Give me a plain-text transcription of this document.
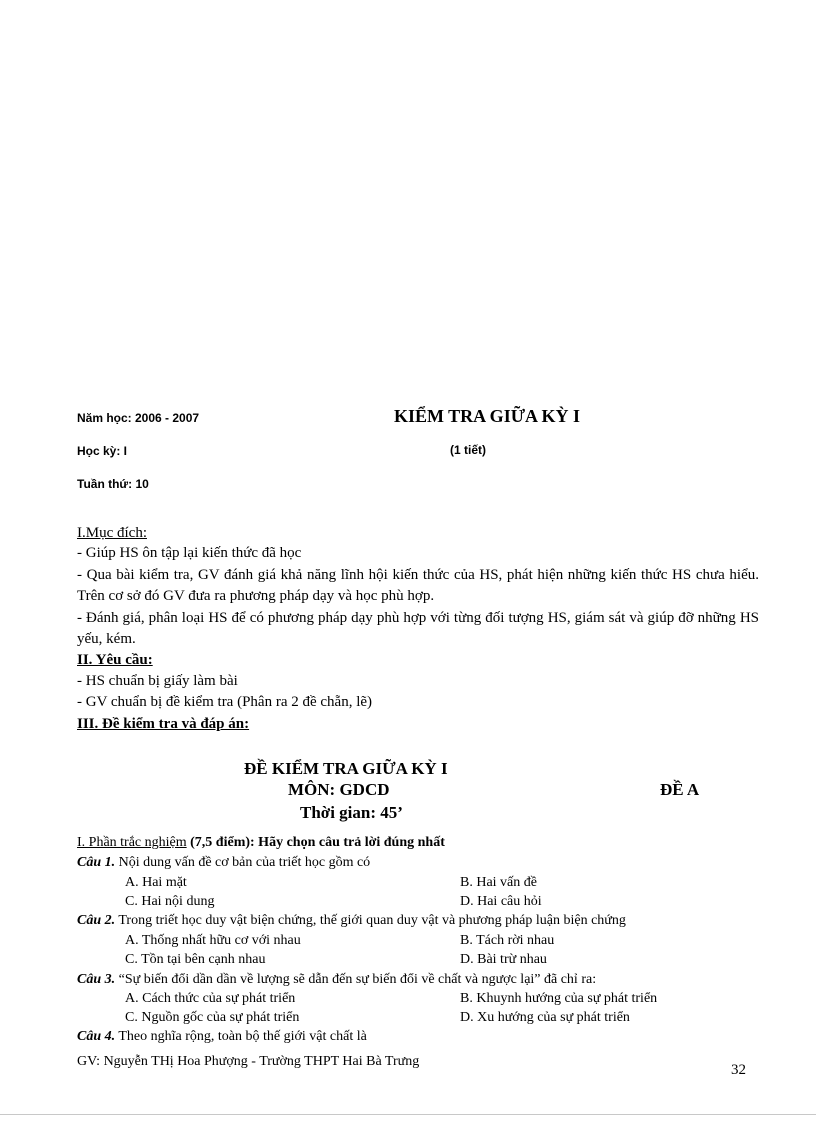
Năm học: 2006 - 2007
Học kỳ: I
Tuần thứ: 10
KIỂM TRA GIỮA KỲ I
(1 tiết)
I.Mục đích:
- Giúp HS ôn tập lại kiến thức đã học
- Qua bài kiểm tra, GV đánh giá khả năng lĩnh hội kiến thức của HS, phát hiện những kiến thức HS chưa hiểu. Trên cơ sở đó GV đưa ra phương pháp dạy và học phù hợp.
- Đánh giá, phân loại HS để có phương pháp dạy phù hợp với từng đối tượng HS, giám sát và giúp đỡ những HS yếu, kém.
II. Yêu cầu:
- HS chuẩn bị giấy làm bài
- GV chuẩn bị đề kiểm tra (Phân ra 2 đề chẵn, lẽ)
III. Đề kiểm tra và đáp án:
ĐỀ KIỂM TRA GIỮA KỲ I
MÔN: GDCD	ĐỀ A
Thời gian: 45’
I. Phần trắc nghiệm (7,5 điểm): Hãy chọn câu trả lời đúng nhất
Câu 1. Nội dung vấn đề cơ bản của triết học gồm có
A. Hai mặt	B. Hai vấn đề
C. Hai nội dung	D. Hai câu hỏi
Câu 2. Trong triết học duy vật biện chứng, thế giới quan duy vật và phương pháp luận biện chứng
A. Thống nhất hữu cơ với nhau	B. Tách rời nhau
C. Tồn tại bên cạnh nhau	D. Bài trừ nhau
Câu 3. “Sự biến đổi dần dần về lượng sẽ dẫn đến sự biến đổi về chất và ngược lại” đã chỉ ra:
A. Cách thức của sự phát triển	B. Khuynh hướng của sự phát triển
C. Nguồn gốc của sự phát triển	D. Xu hướng của sự phát triển
Câu 4. Theo nghĩa rộng, toàn bộ thế giới vật chất là
GV: Nguyễn THị Hoa Phượng - Trường THPT Hai Bà Trưng
32
